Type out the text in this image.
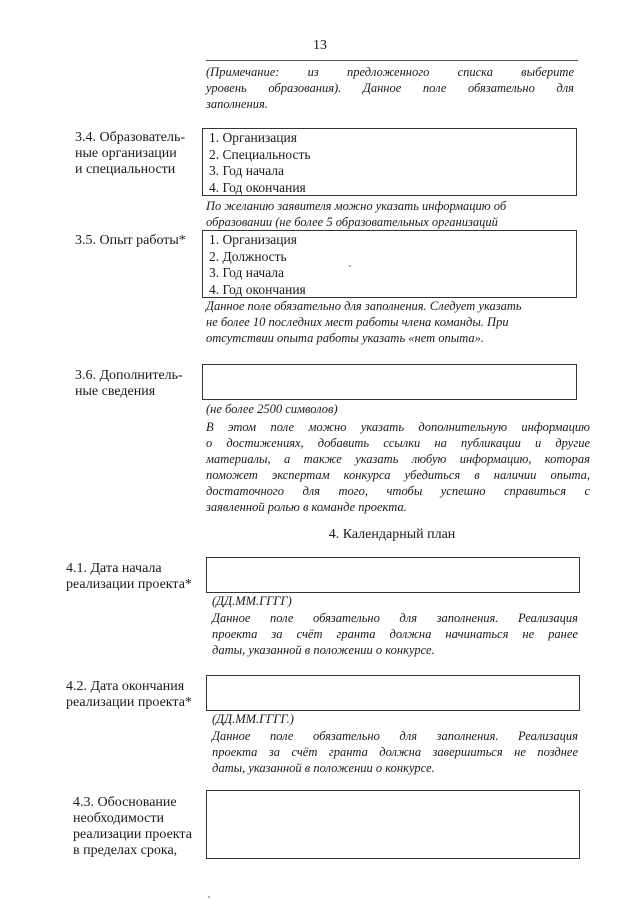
13
(Примечание: из предложенного списка выберите
уровень образования). Данное поле обязательно для
заполнения.
3.4. Образователь-
ные организации
и специальности
1. Организация
2. Специальность
3. Год начала
4. Год окончания
По желанию заявителя можно указать информацию об
образовании (не более 5 образовательных организаций
3.5. Опыт работы*	1. Организация
2. Должность
3. Год начала
4. Год окончания
Данное поле обязательно для заполнения. Следует указать
не более 10 последних мест работы члена команды. При
отсутствии опыта работы указать «нет опыта».
3.6. Дополнитель-
ные сведения
(не более 2500 символов)
В этом поле можно указать дополнительную информацию
о достижениях, добавить ссылки на публикации и другие
материалы, а также указать любую информацию, которая
поможет экспертам конкурса убедиться в наличии опыта,
достаточного для того, чтобы успешно справиться с
заявленной ролью в команде проекта.
4. Календарный план
4.1. Дата начала
реализации проекта*
(ДД.ММ.ГГГГ)
Данное поле обязательно для заполнения. Реализация
проекта за счёт гранта должна начинаться не ранее
даты, указанной в положении о конкурсе.
4.2. Дата окончания
реализации проекта*
(ДД.ММ.ГГГГ.)
Данное поле обязательно для заполнения. Реализация
проекта за счёт гранта должна завершиться не позднее
даты, указанной в положении о конкурсе.
4.3. Обоснование
необходимости
реализации проекта
в пределах срока,
